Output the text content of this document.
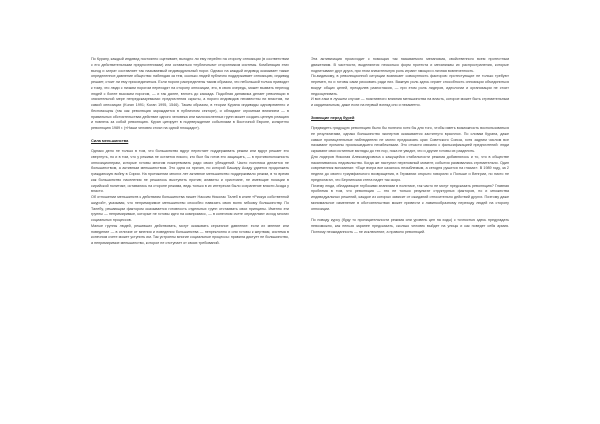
По Курану, каждый индивид постоянно оценивает, выгодно ли ему перейти на сторону оппозиции (в соответствии с его действительными предпочтениями) или оставаться «публичным» сторонником системы. Комбинация этих выгод и затрат составляет так называемый индивидуальный порог. Однако на каждый индивид оказывает также определенное давление общества: наблюдая за тем, сколько людей публично поддерживает оппозицию, индивид решает, стоит ли ему присоединиться. Если пороги распределены таким образом, что небольшой толчок приводит к тому, что люди с низким порогом переходят на сторону оппозиции, это, в свою очередь, может вызвать переход людей с более высоким порогом, — и так далее, вплоть до каскада. Подобная динамика делает революции в значительной мере непредсказуемыми: предпочтения скрыты, а пороги индивидов неизвестны ни властям, ни самой оппозиции (Kuran 1991; Kuran 1995, 1546). Таким образом, в теории Курана индивиды одновременно и беспомощны (так как революция зарождается в публичном секторе), и обладают огромным влиянием — в правильных обстоятельствах действие одного человека или малочисленных групп может создать цепную реакцию и повлечь за собой революцию. Куран цитирует в подтверждение событиями в Восточной Европе, конкретно революцию 1989 г. («Наши человек стоял на одной площади»).

Сила меньшинства

Однако дело не только в том, что большинство вдруг перестает поддерживать режим или вдруг решает его свергнуть, но и в том, что у режима не остается никого, кто был бы готов его защищать, — в противоположность оппозиционерам, которые готовы многим пожертвовать ради своих убеждений. Часто политика делается не большинством, а активным меньшинством. Это одна из причин, по которой Башару Асаду удается продолжать гражданскую войну в Сирии. На протяжении многих лет активное меньшинство поддерживало режим, в то время как большинство населения не решалось выступить против; алавиты и христиане, не имеющие позиции в сирийской политике, оставались на стороне режима, ведь только в их интересах было сохранение власти Асада у власти.

Об отношении меньшинств к действиям большинства пишет Нассим Николас Талеб в книге «Рискуя собственной шкурой», указывая, что непримиримое меньшинство способно навязать свою волю гибкому большинству. По Талебу, решающим фактором оказывается готовность отдельных групп отстаивать свои принципы. Именно эти группы — непримиримые, которые не готовы идти на компромисс, — в конечном счете определяют исход многих социальных процессов.

Малые группы людей, решивших действовать, могут оказывать серьезное давление: если их мнение или поведение — в отличие от мнения и поведения большинства — непреклонно и они готовы к жертвам, система в конечном счете может уступить им. Так устроены многие социальные процессы: правила диктует не большинство, а непримиримое меньшинство, которое не отступает от своих требований.

Эта активизация происходит с помощью так называемого механизма, свойственного всем протестным движениям. В частности, выделяются несколько форм протеста и механизмы их распространения, которые подпитывают друг друга, при этом значительную роль играют эмоции и личная вовлеченность.

По-видимому, в революционной ситуации возникает совокупность факторов: протестующие не только требуют перемен, но и готовы сами рисковать ради них. Важную роль здесь играет способность оппозиции объединиться вокруг общих целей, преодолев разногласия, — при этом роль лидеров, идеологии и организации не стоит недооценивать.

И все-таки в лучшем случае — позитивного влияния меньшинства на власть, которое может быть стремительным и кардинальным, даже если на первый взгляд оно и незаметно.

Зияющие перед бурей

Предвидеть грядущую революцию было бы полезно хотя бы для того, чтобы иметь возможность воспользоваться ее результатами, однако большинство экспертов оказывается застигнуто врасплох. По словам Курана, даже самые проницательные наблюдатели не могли предсказать крах Советского Союза, хотя задним числом все называют причины произошедшего неизбежными. Это отчасти связано с фальсификацией предпочтений: люди скрывают свои истинные взгляды до тех пор, пока не увидят, что и другие готовы их разделить.

Для лидеров Николая Александровича к кажущейся стабильности режима добавлялось и то, что в обществе накапливалось недовольство. Когда же наступил переломный момент, события развивались стремительно. Один современник вспоминал: «Еще вчера все казалось незыблемым, а сегодня рушится на глазах». В 1989 году, за 2 недели до своего триумфального возвращения, в Германии открыто говорили о Польше и Венгрии, но никто не предполагал, что Берлинская стена падет так скоро.

Почему люди, обладающие глубокими знаниями в политике, так часто не могут предсказать революцию? Главная проблема в том, что революция — это не только результат структурных факторов, но и множества индивидуальных решений, каждое из которых зависит от ожиданий относительно действий других. Поэтому даже минимальное изменение в обстоятельствах может привести к лавинообразному переходу людей на сторону оппозиции.

По поводу курсу (буду то проницательности режима или уровень цен на ходы) с точностью здесь предугадать невозможно, как нельзя заранее предсказать, сколько человек выйдет на улицы и как поведет себя армия. Поэтому неожиданность — не исключение, а правило революций.
